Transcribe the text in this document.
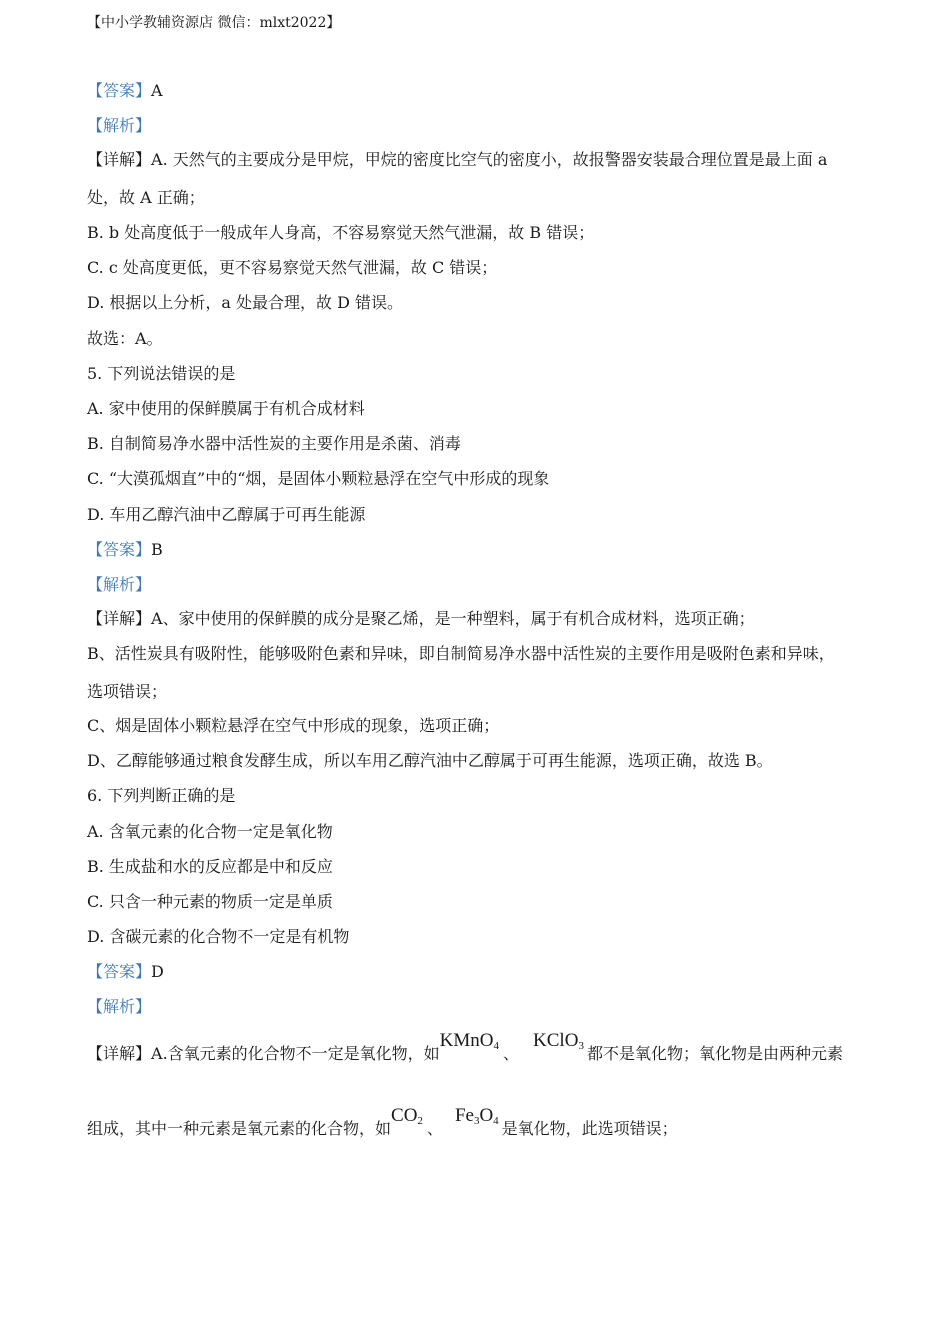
【中小学教辅资源店 微信：mlxt2022】
【答案】A
【解析】
【详解】A. 天然气的主要成分是甲烷，甲烷的密度比空气的密度小，故报警器安装最合理位置是最上面 a
处，故 A 正确；
B. b 处高度低于一般成年人身高，不容易察觉天然气泄漏，故 B 错误；
C. c 处高度更低，更不容易察觉天然气泄漏，故 C 错误；
D. 根据以上分析，a 处最合理，故 D 错误。
故选：A。
5. 下列说法错误的是
A. 家中使用的保鲜膜属于有机合成材料
B. 自制简易净水器中活性炭的主要作用是杀菌、消毒
C. “大漠孤烟直”中的“烟，是固体小颗粒悬浮在空气中形成的现象
D. 车用乙醇汽油中乙醇属于可再生能源
【答案】B
【解析】
【详解】A、家中使用的保鲜膜的成分是聚乙烯，是一种塑料，属于有机合成材料，选项正确；
B、活性炭具有吸附性，能够吸附色素和异味，即自制简易净水器中活性炭的主要作用是吸附色素和异味，
选项错误；
C、烟是固体小颗粒悬浮在空气中形成的现象，选项正确；
D、乙醇能够通过粮食发酵生成，所以车用乙醇汽油中乙醇属于可再生能源，选项正确，故选 B。
6. 下列判断正确的是
A. 含氧元素的化合物一定是氧化物
B. 生成盐和水的反应都是中和反应
C. 只含一种元素的物质一定是单质
D. 含碳元素的化合物不一定是有机物
【答案】D
【解析】
【详解】A.含氧元素的化合物不一定是氧化物，如KMnO$_4$ 、KClO$_3$ 都不是氧化物；氧化物是由两种元素
组成，其中一种元素是氧元素的化合物，如$CO_2$ 、$Fe_3O_4$ 是氧化物，此选项错误；
